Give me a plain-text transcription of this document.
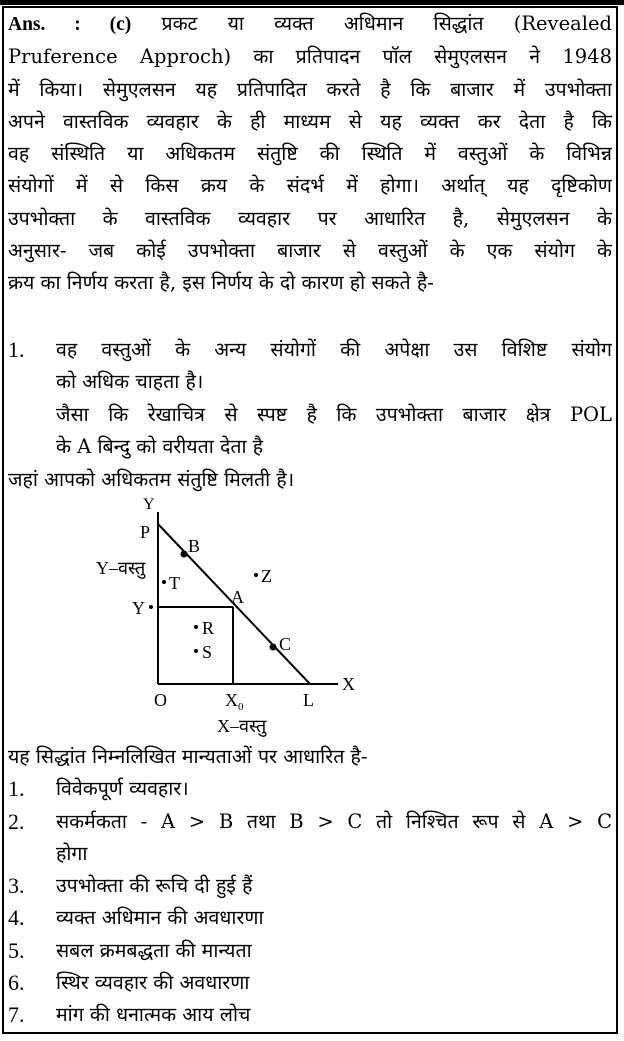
Ans. : (c) प्रकट या व्यक्त अधिमान सिद्धांत (Revealed
Pruference Approch) का प्रतिपादन पॉल सेमुएलसन ने 1948
में किया। सेमुएलसन यह प्रतिपादित करते है कि बाजार में उपभोक्ता
अपने वास्तविक व्यवहार के ही माध्यम से यह व्यक्त कर देता है कि
वह संस्थिति या अधिकतम संतुष्टि की स्थिति में वस्तुओं के विभिन्न
संयोगों में से किस क्रय के संदर्भ में होगा। अर्थात् यह दृष्टिकोण
उपभोक्ता के वास्तविक व्यवहार पर आधारित है, सेमुएलसन के
अनुसार- जब कोई उपभोक्ता बाजार से वस्तुओं के एक संयोग के
क्रय का निर्णय करता है, इस निर्णय के दो कारण हो सकते है-
1. वह वस्तुओं के अन्य संयोगों की अपेक्षा उस विशिष्ट संयोग
को अधिक चाहता है।
जैसा कि रेखाचित्र से स्पष्ट है कि उपभोक्ता बाजार क्षेत्र POL
के A बिन्दु को वरीयता देता है
जहां आपको अधिकतम संतुष्टि मिलती है।
Y
P
Y–वस्तु
Y
B
T	Z
A
R
S	C
X
O	$X_0$	L
X–वस्तु
यह सिद्धांत निम्नलिखित मान्यताओं पर आधारित है-
1. विवेकपूर्ण व्यवहार।
2. सकर्मकता - A > B तथा B > C तो निश्चित रूप से A > C
होगा
3. उपभोक्ता की रूचि दी हुई हैं
4. व्यक्त अधिमान की अवधारणा
5. सबल क्रमबद्धता की मान्यता
6. स्थिर व्यवहार की अवधारणा
7. मांग की धनात्मक आय लोच
